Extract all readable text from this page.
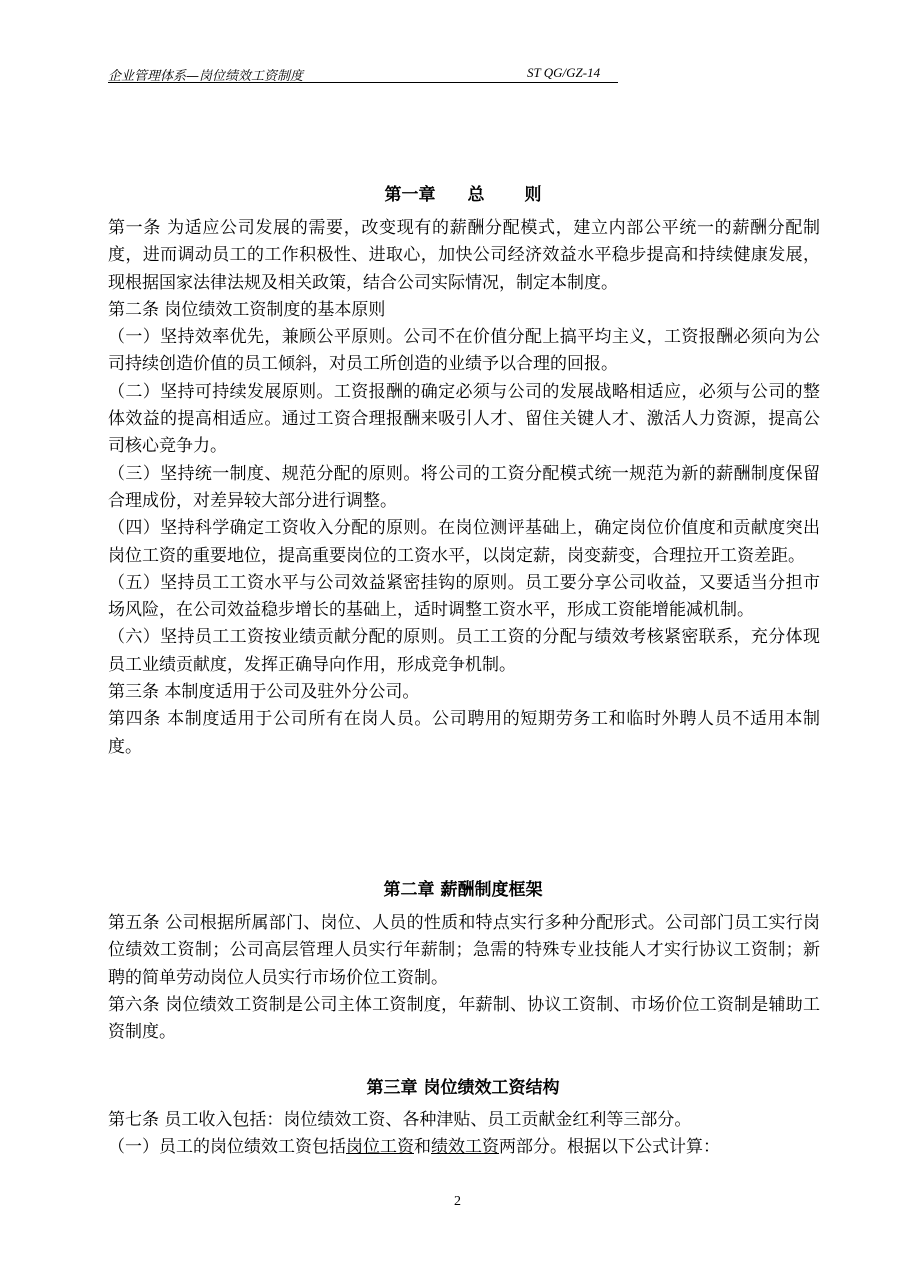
企业管理体系—岗位绩效工资制度	ST QG/GZ-14
第一章 总 则

第一条 为适应公司发展的需要，改变现有的薪酬分配模式，建立内部公平统一的薪酬分配制度，进而调动员工的工作积极性、进取心，加快公司经济效益水平稳步提高和持续健康发展，现根据国家法律法规及相关政策，结合公司实际情况，制定本制度。

第二条 岗位绩效工资制度的基本原则

（一）坚持效率优先，兼顾公平原则。公司不在价值分配上搞平均主义，工资报酬必须向为公司持续创造价值的员工倾斜，对员工所创造的业绩予以合理的回报。

（二）坚持可持续发展原则。工资报酬的确定必须与公司的发展战略相适应，必须与公司的整体效益的提高相适应。通过工资合理报酬来吸引人才、留住关键人才、激活人力资源，提高公司核心竞争力。

（三）坚持统一制度、规范分配的原则。将公司的工资分配模式统一规范为新的薪酬制度保留合理成份，对差异较大部分进行调整。

（四）坚持科学确定工资收入分配的原则。在岗位测评基础上，确定岗位价值度和贡献度突出岗位工资的重要地位，提高重要岗位的工资水平，以岗定薪，岗变薪变，合理拉开工资差距。

（五）坚持员工工资水平与公司效益紧密挂钩的原则。员工要分享公司收益，又要适当分担市场风险，在公司效益稳步增长的基础上，适时调整工资水平，形成工资能增能减机制。

（六）坚持员工工资按业绩贡献分配的原则。员工工资的分配与绩效考核紧密联系，充分体现员工业绩贡献度，发挥正确导向作用，形成竞争机制。

第三条 本制度适用于公司及驻外分公司。

第四条 本制度适用于公司所有在岗人员。公司聘用的短期劳务工和临时外聘人员不适用本制度。

第二章 薪酬制度框架

第五条 公司根据所属部门、岗位、人员的性质和特点实行多种分配形式。公司部门员工实行岗位绩效工资制；公司高层管理人员实行年薪制；急需的特殊专业技能人才实行协议工资制；新聘的简单劳动岗位人员实行市场价位工资制。

第六条 岗位绩效工资制是公司主体工资制度，年薪制、协议工资制、市场价位工资制是辅助工资制度。

第三章 岗位绩效工资结构

第七条 员工收入包括：岗位绩效工资、各种津贴、员工贡献金红利等三部分。

（一）员工的岗位绩效工资包括岗位工资和绩效工资两部分。根据以下公式计算：

2
